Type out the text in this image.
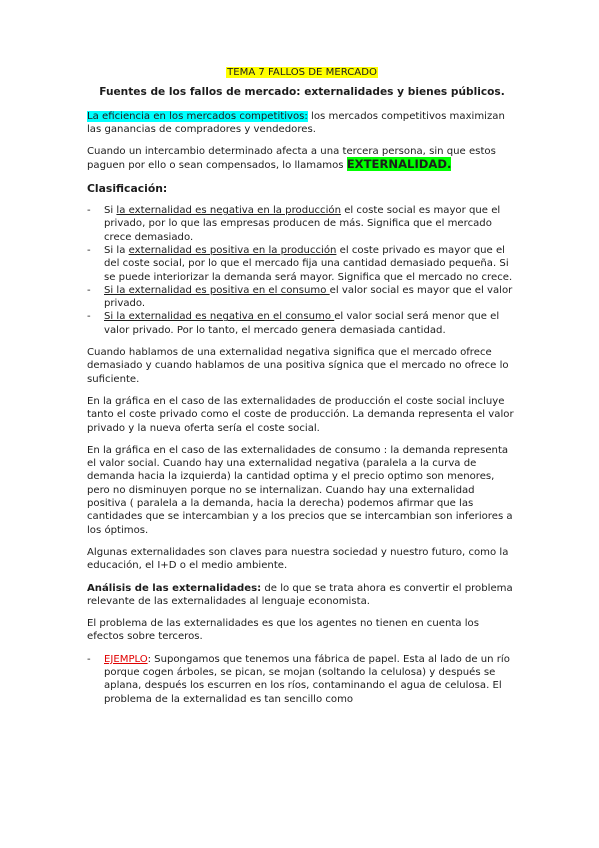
TEMA 7 FALLOS DE MERCADO
Fuentes de los fallos de mercado: externalidades y bienes públicos.

La eficiencia en los mercados competitivos: los mercados competitivos maximizan las ganancias de compradores y vendedores.

Cuando un intercambio determinado afecta a una tercera persona, sin que estos paguen por ello o sean compensados, lo llamamos EXTERNALIDAD.

Clasificación:
- Si la externalidad es negativa en la producción el coste social es mayor que el privado, por lo que las empresas producen de más. Significa que el mercado crece demasiado.
- Si la externalidad es positiva en la producción el coste privado es mayor que el del coste social, por lo que el mercado fija una cantidad demasiado pequeña. Si se puede interiorizar la demanda será mayor. Significa que el mercado no crece.
- Si la externalidad es positiva en el consumo el valor social es mayor que el valor privado.
- Si la externalidad es negativa en el consumo el valor social será menor que el valor privado. Por lo tanto, el mercado genera demasiada cantidad.

Cuando hablamos de una externalidad negativa significa que el mercado ofrece demasiado y cuando hablamos de una positiva sígnica que el mercado no ofrece lo suficiente.

En la gráfica en el caso de las externalidades de producción el coste social incluye tanto el coste privado como el coste de producción. La demanda representa el valor privado y la nueva oferta sería el coste social.

En la gráfica en el caso de las externalidades de consumo : la demanda representa el valor social. Cuando hay una externalidad negativa (paralela a la curva de demanda hacia la izquierda) la cantidad optima y el precio optimo son menores, pero no disminuyen porque no se internalizan. Cuando hay una externalidad positiva ( paralela a la demanda, hacia la derecha) podemos afirmar que las cantidades que se intercambian y a los precios que se intercambian son inferiores a los óptimos.

Algunas externalidades son claves para nuestra sociedad y nuestro futuro, como la educación, el I+D o el medio ambiente.

Análisis de las externalidades: de lo que se trata ahora es convertir el problema relevante de las externalidades al lenguaje economista.

El problema de las externalidades es que los agentes no tienen en cuenta los efectos sobre terceros.

- EJEMPLO: Supongamos que tenemos una fábrica de papel. Esta al lado de un río porque cogen árboles, se pican, se mojan (soltando la celulosa) y después se aplana, después los escurren en los ríos, contaminando el agua de celulosa. El problema de la externalidad es tan sencillo como
